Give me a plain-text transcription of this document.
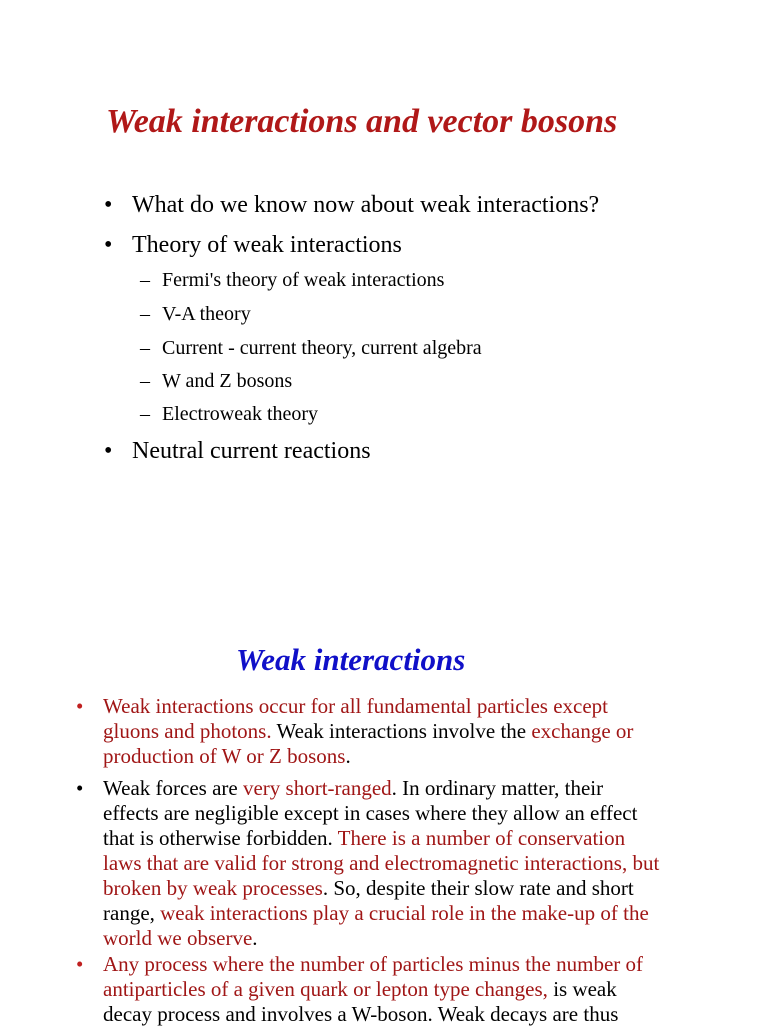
Weak interactions and vector bosons
• What do we know now about weak interactions?
• Theory of weak interactions
– Fermi's theory of weak interactions
– V-A theory
– Current - current theory, current algebra
– W and Z bosons
– Electroweak theory
• Neutral current reactions
Weak interactions
• Weak interactions occur for all fundamental particles except
gluons and photons. Weak interactions involve the exchange or
production of W or Z bosons.
• Weak forces are very short-ranged. In ordinary matter, their
effects are negligible except in cases where they allow an effect
that is otherwise forbidden. There is a number of conservation
laws that are valid for strong and electromagnetic interactions, but
broken by weak processes. So, despite their slow rate and short
range, weak interactions play a crucial role in the make-up of the
world we observe.
• Any process where the number of particles minus the number of
antiparticles of a given quark or lepton type changes, is weak
decay process and involves a W-boson. Weak decays are thus
